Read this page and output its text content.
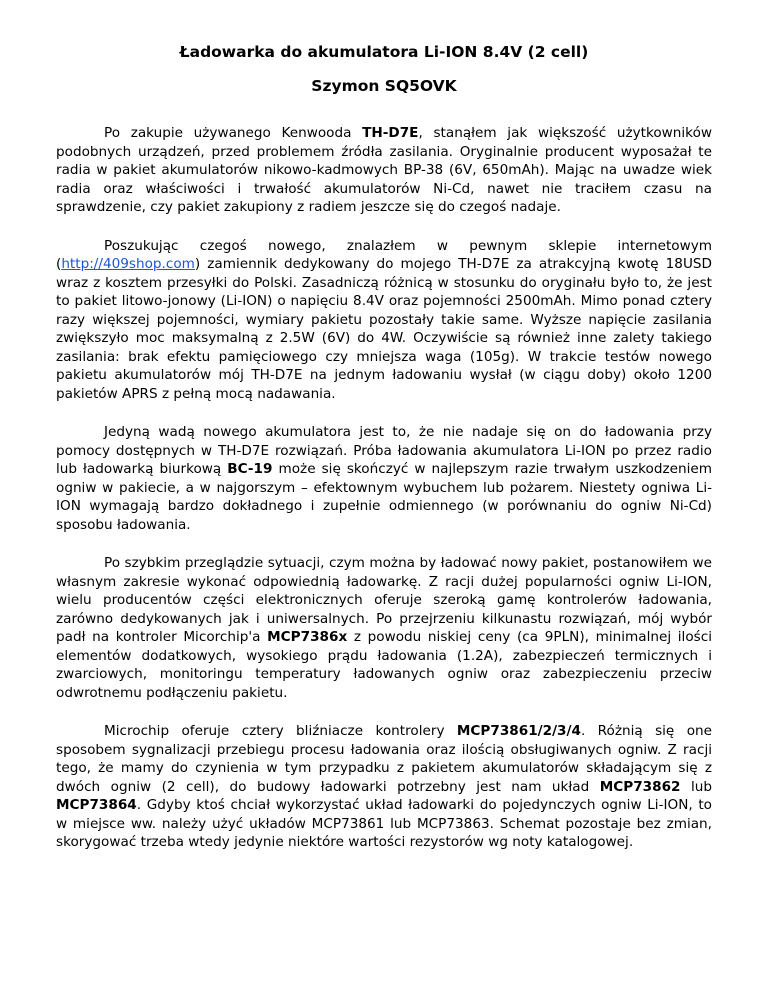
Ładowarka do akumulatora Li-ION 8.4V (2 cell)
Szymon SQ5OVK

Po zakupie używanego Kenwooda TH-D7E, stanąłem jak większość użytkowników podobnych urządzeń, przed problemem źródła zasilania. Oryginalnie producent wyposażał te radia w pakiet akumulatorów nikowo-kadmowych BP-38 (6V, 650mAh). Mając na uwadze wiek radia oraz właściwości i trwałość akumulatorów Ni-Cd, nawet nie traciłem czasu na sprawdzenie, czy pakiet zakupiony z radiem jeszcze się do czegoś nadaje.

Poszukując czegoś nowego, znalazłem w pewnym sklepie internetowym (http://409shop.com) zamiennik dedykowany do mojego TH-D7E za atrakcyjną kwotę 18USD wraz z kosztem przesyłki do Polski. Zasadniczą różnicą w stosunku do oryginału było to, że jest to pakiet litowo-jonowy (Li-ION) o napięciu 8.4V oraz pojemności 2500mAh. Mimo ponad cztery razy większej pojemności, wymiary pakietu pozostały takie same. Wyższe napięcie zasilania zwiększyło moc maksymalną z 2.5W (6V) do 4W. Oczywiście są również inne zalety takiego zasilania: brak efektu pamięciowego czy mniejsza waga (105g). W trakcie testów nowego pakietu akumulatorów mój TH-D7E na jednym ładowaniu wysłał (w ciągu doby) około 1200 pakietów APRS z pełną mocą nadawania.

Jedyną wadą nowego akumulatora jest to, że nie nadaje się on do ładowania przy pomocy dostępnych w TH-D7E rozwiązań. Próba ładowania akumulatora Li-ION po przez radio lub ładowarką biurkową BC-19 może się skończyć w najlepszym razie trwałym uszkodzeniem ogniw w pakiecie, a w najgorszym – efektownym wybuchem lub pożarem. Niestety ogniwa Li-ION wymagają bardzo dokładnego i zupełnie odmiennego (w porównaniu do ogniw Ni-Cd) sposobu ładowania.

Po szybkim przeglądzie sytuacji, czym można by ładować nowy pakiet, postanowiłem we własnym zakresie wykonać odpowiednią ładowarkę. Z racji dużej popularności ogniw Li-ION, wielu producentów części elektronicznych oferuje szeroką gamę kontrolerów ładowania, zarówno dedykowanych jak i uniwersalnych. Po przejrzeniu kilkunastu rozwiązań, mój wybór padł na kontroler Micorchip'a MCP7386x z powodu niskiej ceny (ca 9PLN), minimalnej ilości elementów dodatkowych, wysokiego prądu ładowania (1.2A), zabezpieczeń termicznych i zwarciowych, monitoringu temperatury ładowanych ogniw oraz zabezpieczeniu przeciw odwrotnemu podłączeniu pakietu.

Microchip oferuje cztery bliźniacze kontrolery MCP73861/2/3/4. Różnią się one sposobem sygnalizacji przebiegu procesu ładowania oraz ilością obsługiwanych ogniw. Z racji tego, że mamy do czynienia w tym przypadku z pakietem akumulatorów składającym się z dwóch ogniw (2 cell), do budowy ładowarki potrzebny jest nam układ MCP73862 lub MCP73864. Gdyby ktoś chciał wykorzystać układ ładowarki do pojedynczych ogniw Li-ION, to w miejsce ww. należy użyć układów MCP73861 lub MCP73863. Schemat pozostaje bez zmian, skorygować trzeba wtedy jedynie niektóre wartości rezystorów wg noty katalogowej.
